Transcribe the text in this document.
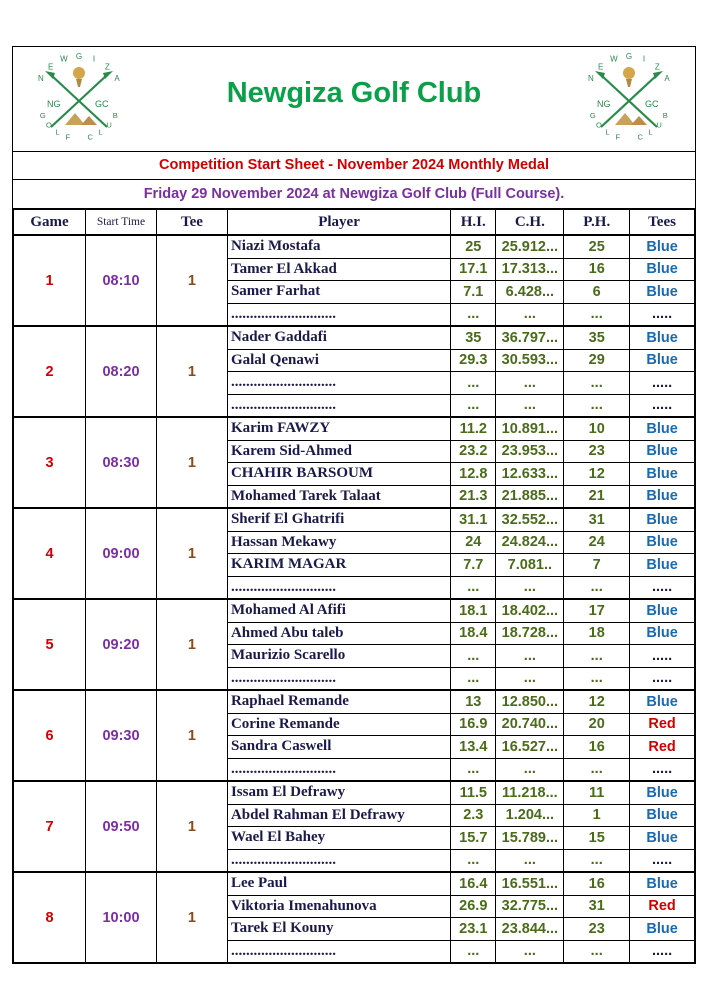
N
E
W G I
Z
A
NG	GC
G
O
L
F C
L
U
B
Newgiza Golf Club	N
E
W G I
Z
A
NG	GC
G
O
L
F C
L
U
B
Competition Start Sheet - November 2024 Monthly Medal
Friday 29 November 2024 at Newgiza Golf Club (Full Course).
Game	Start Time	Tee	Player	H.I.	C.H.	P.H.	Tees
1	08:10	1	Niazi Mostafa	25	25.912...	25	Blue
			Tamer El Akkad	17.1	17.313...	16	Blue
			Samer Farhat	7.1	6.428...	6	Blue
			............................	...	...	...	.....
2	08:20	1	Nader Gaddafi	35	36.797...	35	Blue
			Galal Qenawi	29.3	30.593...	29	Blue
			............................	...	...	...	.....
			............................	...	...	...	.....
3	08:30	1	Karim FAWZY	11.2	10.891...	10	Blue
			Karem Sid-Ahmed	23.2	23.953...	23	Blue
			CHAHIR BARSOUM	12.8	12.633...	12	Blue
			Mohamed Tarek Talaat	21.3	21.885...	21	Blue
4	09:00	1	Sherif El Ghatrifi	31.1	32.552...	31	Blue
			Hassan Mekawy	24	24.824...	24	Blue
			KARIM MAGAR	7.7	7.081..	7	Blue
			............................	...	...	...	.....
5	09:20	1	Mohamed Al Afifi	18.1	18.402...	17	Blue
			Ahmed Abu taleb	18.4	18.728...	18	Blue
			Maurizio Scarello	...	...	...	.....
			............................	...	...	...	.....
6	09:30	1	Raphael Remande	13	12.850...	12	Blue
			Corine Remande	16.9	20.740...	20	Red
			Sandra Caswell	13.4	16.527...	16	Red
			............................	...	...	...	.....
7	09:50	1	Issam El Defrawy	11.5	11.218...	11	Blue
			Abdel Rahman El Defrawy	2.3	1.204...	1	Blue
			Wael El Bahey	15.7	15.789...	15	Blue
			............................	...	...	...	.....
8	10:00	1	Lee Paul	16.4	16.551...	16	Blue
			Viktoria Imenahunova	26.9	32.775...	31	Red
			Tarek El Kouny	23.1	23.844...	23	Blue
			............................	...	...	...	.....
